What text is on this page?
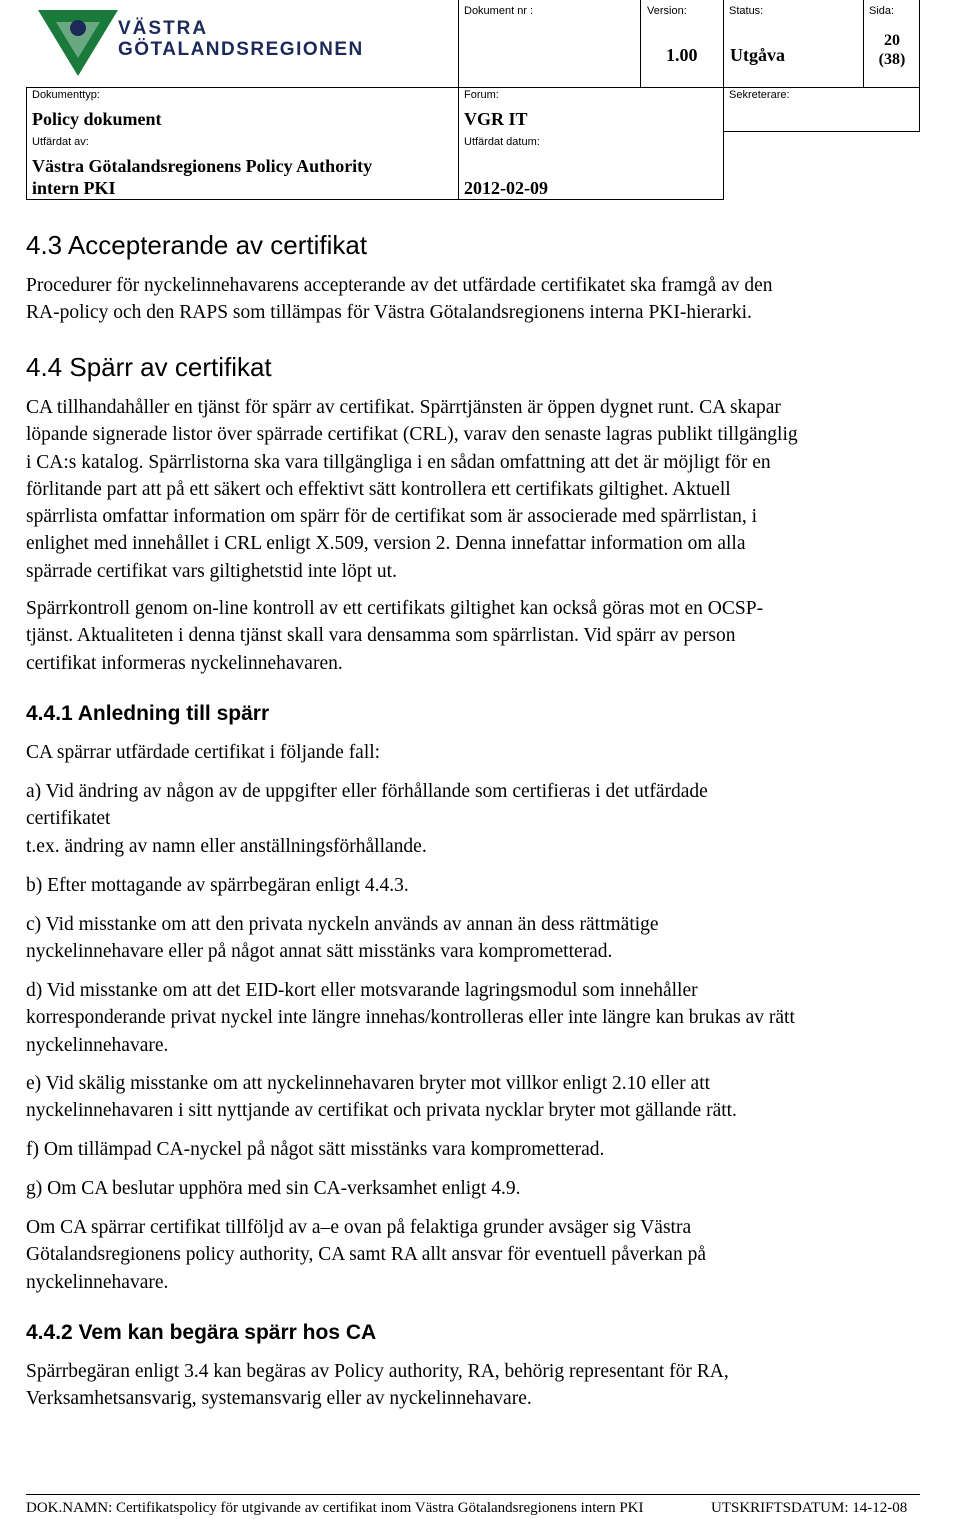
VÄSTRA
GÖTALANDSREGIONEN
Dokument nr :	Version:
1.00
Status:
Utgåva
Sida:
20
(38)
Dokumenttyp:
Policy dokument
Forum:
VGR IT
Sekreterare:
Utfärdat av:
Västra Götalandsregionens Policy Authority
intern PKI
Utfärdat datum:
2012-02-09
4.3 Accepterande av certifikat
Procedurer för nyckelinnehavarens accepterande av det utfärdade certifikatet ska framgå av den
RA-policy och den RAPS som tillämpas för Västra Götalandsregionens interna PKI-hierarki.
4.4 Spärr av certifikat
CA tillhandahåller en tjänst för spärr av certifikat. Spärrtjänsten är öppen dygnet runt. CA skapar
löpande signerade listor över spärrade certifikat (CRL), varav den senaste lagras publikt tillgänglig
i CA:s katalog. Spärrlistorna ska vara tillgängliga i en sådan omfattning att det är möjligt för en
förlitande part att på ett säkert och effektivt sätt kontrollera ett certifikats giltighet. Aktuell
spärrlista omfattar information om spärr för de certifikat som är associerade med spärrlistan, i
enlighet med innehållet i CRL enligt X.509, version 2. Denna innefattar information om alla
spärrade certifikat vars giltighetstid inte löpt ut.
Spärrkontroll genom on-line kontroll av ett certifikats giltighet kan också göras mot en OCSP-
tjänst. Aktualiteten i denna tjänst skall vara densamma som spärrlistan. Vid spärr av person
certifikat informeras nyckelinnehavaren.
4.4.1 Anledning till spärr
CA spärrar utfärdade certifikat i följande fall:
a) Vid ändring av någon av de uppgifter eller förhållande som certifieras i det utfärdade
certifikatet
t.ex. ändring av namn eller anställningsförhållande.
b) Efter mottagande av spärrbegäran enligt 4.4.3.
c) Vid misstanke om att den privata nyckeln används av annan än dess rättmätige
nyckelinnehavare eller på något annat sätt misstänks vara komprometterad.
d) Vid misstanke om att det EID-kort eller motsvarande lagringsmodul som innehåller
korresponderande privat nyckel inte längre innehas/kontrolleras eller inte längre kan brukas av rätt
nyckelinnehavare.
e) Vid skälig misstanke om att nyckelinnehavaren bryter mot villkor enligt 2.10 eller att
nyckelinnehavaren i sitt nyttjande av certifikat och privata nycklar bryter mot gällande rätt.
f) Om tillämpad CA-nyckel på något sätt misstänks vara komprometterad.
g) Om CA beslutar upphöra med sin CA-verksamhet enligt 4.9.
Om CA spärrar certifikat tillföljd av a–e ovan på felaktiga grunder avsäger sig Västra
Götalandsregionens policy authority, CA samt RA allt ansvar för eventuell påverkan på
nyckelinnehavare.
4.4.2 Vem kan begära spärr hos CA
Spärrbegäran enligt 3.4 kan begäras av Policy authority, RA, behörig representant för RA,
Verksamhetsansvarig, systemansvarig eller av nyckelinnehavare.
DOK.NAMN: Certifikatspolicy för utgivande av certifikat inom Västra Götalandsregionens intern PKI	UTSKRIFTSDATUM: 14-12-08
